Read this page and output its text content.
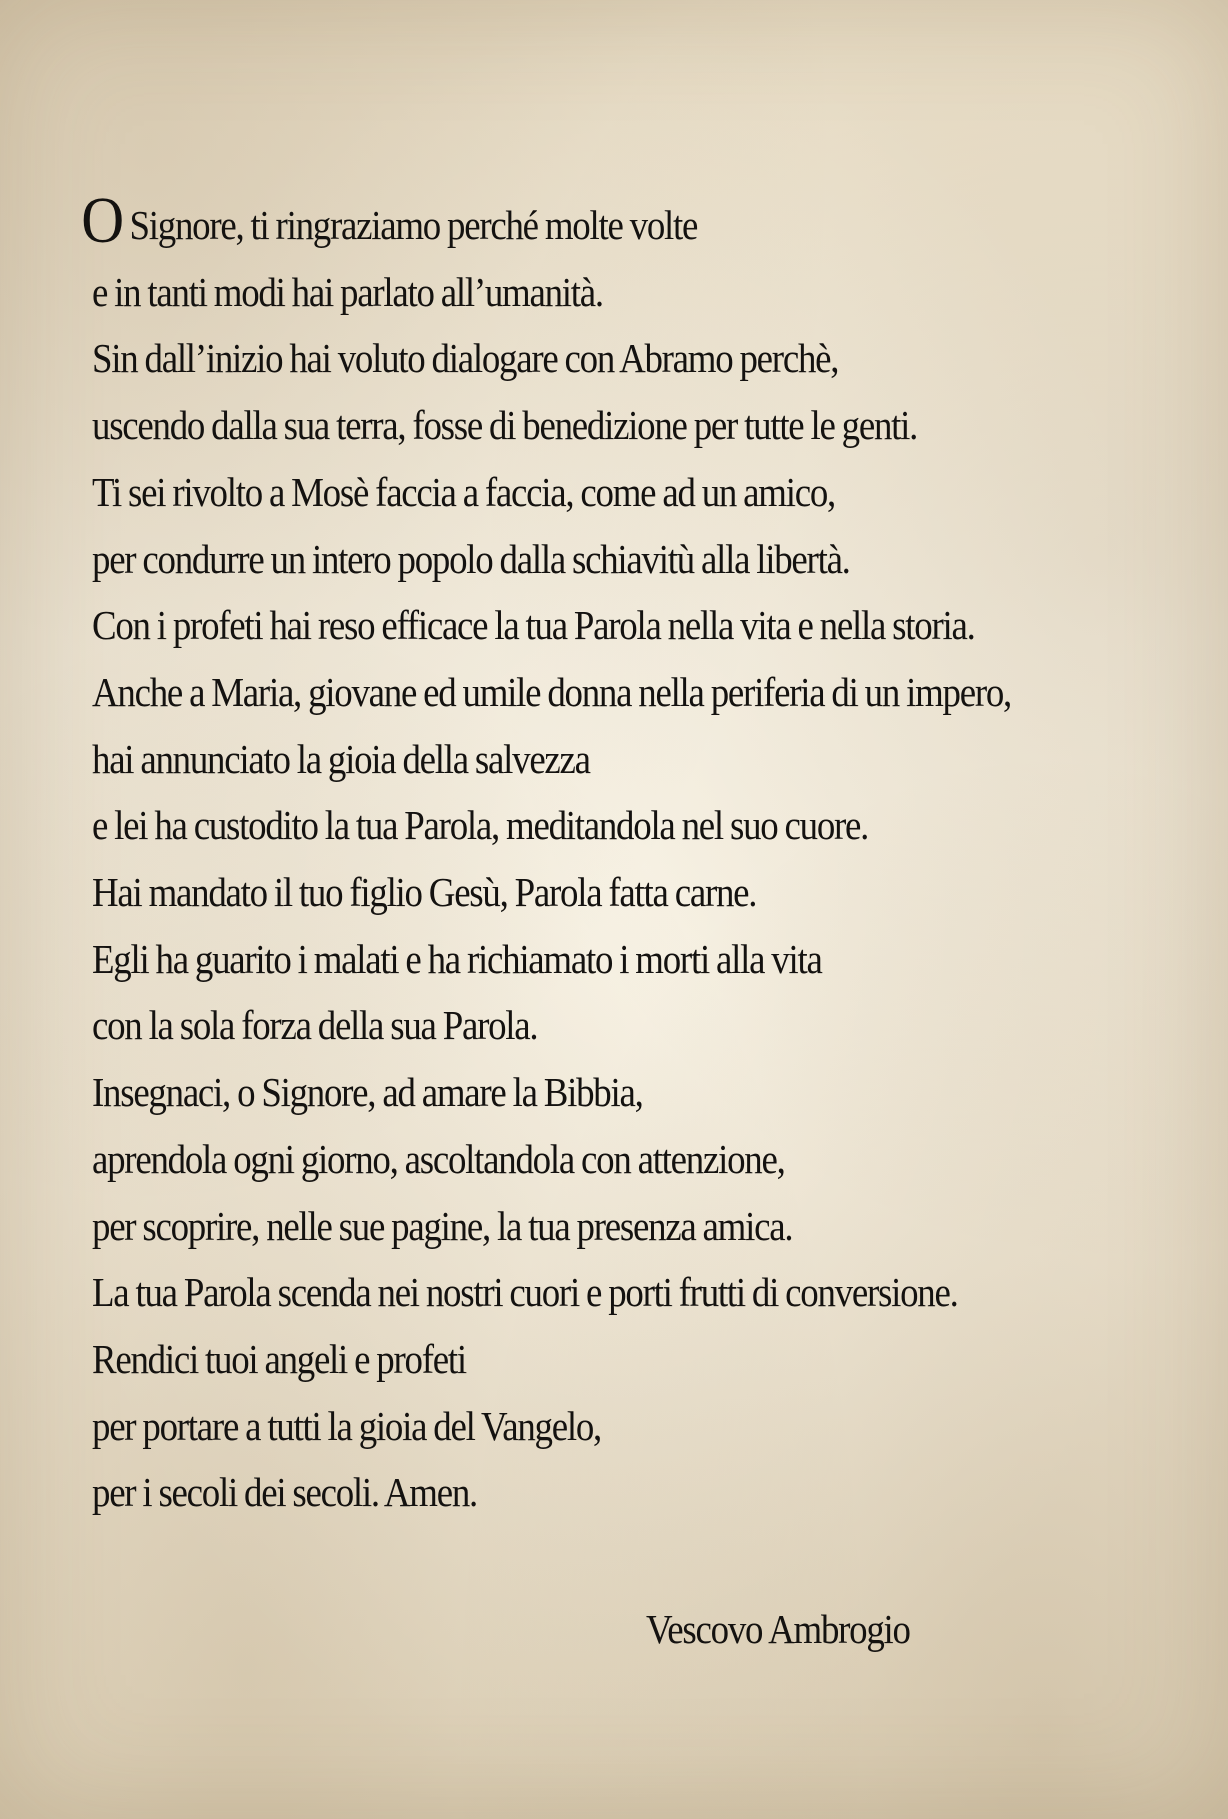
O Signore, ti ringraziamo perché molte volte
e in tanti modi hai parlato all’umanità.
Sin dall’inizio hai voluto dialogare con Abramo perchè,
uscendo dalla sua terra, fosse di benedizione per tutte le genti.
Ti sei rivolto a Mosè faccia a faccia, come ad un amico,
per condurre un intero popolo dalla schiavitù alla libertà.
Con i profeti hai reso efficace la tua Parola nella vita e nella storia.
Anche a Maria, giovane ed umile donna nella periferia di un impero,
hai annunciato la gioia della salvezza
e lei ha custodito la tua Parola, meditandola nel suo cuore.
Hai mandato il tuo figlio Gesù, Parola fatta carne.
Egli ha guarito i malati e ha richiamato i morti alla vita
con la sola forza della sua Parola.
Insegnaci, o Signore, ad amare la Bibbia,
aprendola ogni giorno, ascoltandola con attenzione,
per scoprire, nelle sue pagine, la tua presenza amica.
La tua Parola scenda nei nostri cuori e porti frutti di conversione.
Rendici tuoi angeli e profeti
per portare a tutti la gioia del Vangelo,
per i secoli dei secoli. Amen.

Vescovo Ambrogio
